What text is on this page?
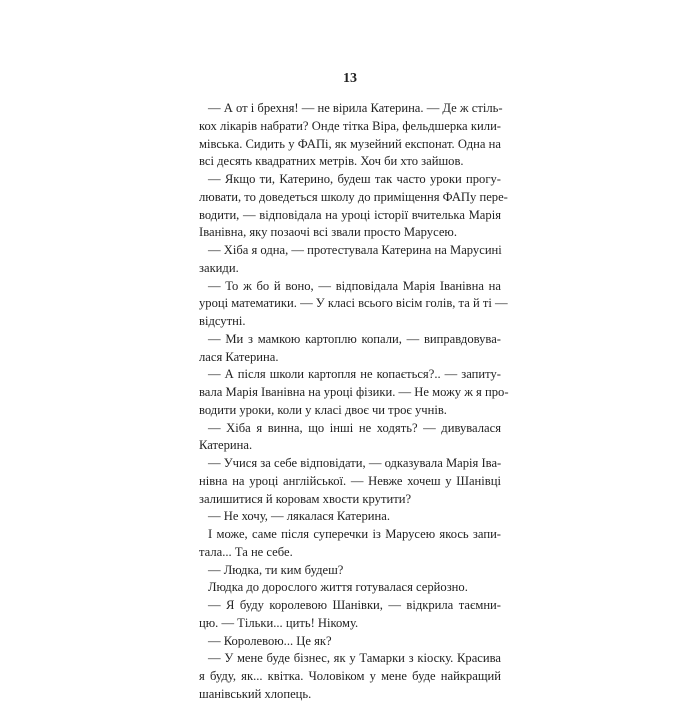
13
— А от і брехня! — не вірила Катерина. — Де ж стіль-
кох лікарів набрати? Онде тітка Віра, фельдшерка кили-
мівська. Сидить у ФАПі, як музейний експонат. Одна на
всі десять квадратних метрів. Хоч би хто зайшов.
— Якщо ти, Катерино, будеш так часто уроки прогу-
лювати, то доведеться школу до приміщення ФАПу пере-
водити, — відповідала на уроці історії вчителька Марія
Іванівна, яку позаочі всі звали просто Марусею.
— Хіба я одна, — протестувала Катерина на Марусині
закиди.
— То ж бо й воно, — відповідала Марія Іванівна на
уроці математики. — У класі всього вісім голів, та й ті —
відсутні.
— Ми з мамкою картоплю копали, — виправдовува-
лася Катерина.
— А після школи картопля не копається?.. — запиту-
вала Марія Іванівна на уроці фізики. — Не можу ж я про-
водити уроки, коли у класі двоє чи троє учнів.
— Хіба я винна, що інші не ходять? — дивувалася
Катерина.
— Учися за себе відповідати, — одказувала Марія Іва-
нівна на уроці англійської. — Невже хочеш у Шанівці
залишитися й коровам хвости крутити?
— Не хочу, — лякалася Катерина.
І може, саме після суперечки із Марусею якось запи-
тала... Та не себе.
— Людка, ти ким будеш?
Людка до дорослого життя готувалася серйозно.
— Я буду королевою Шанівки, — відкрила таємни-
цю. — Тільки... цить! Нікому.
— Королевою... Це як?
— У мене буде бізнес, як у Тамарки з кіоску. Красива
я буду, як... квітка. Чоловіком у мене буде найкращий
шанівський хлопець.
